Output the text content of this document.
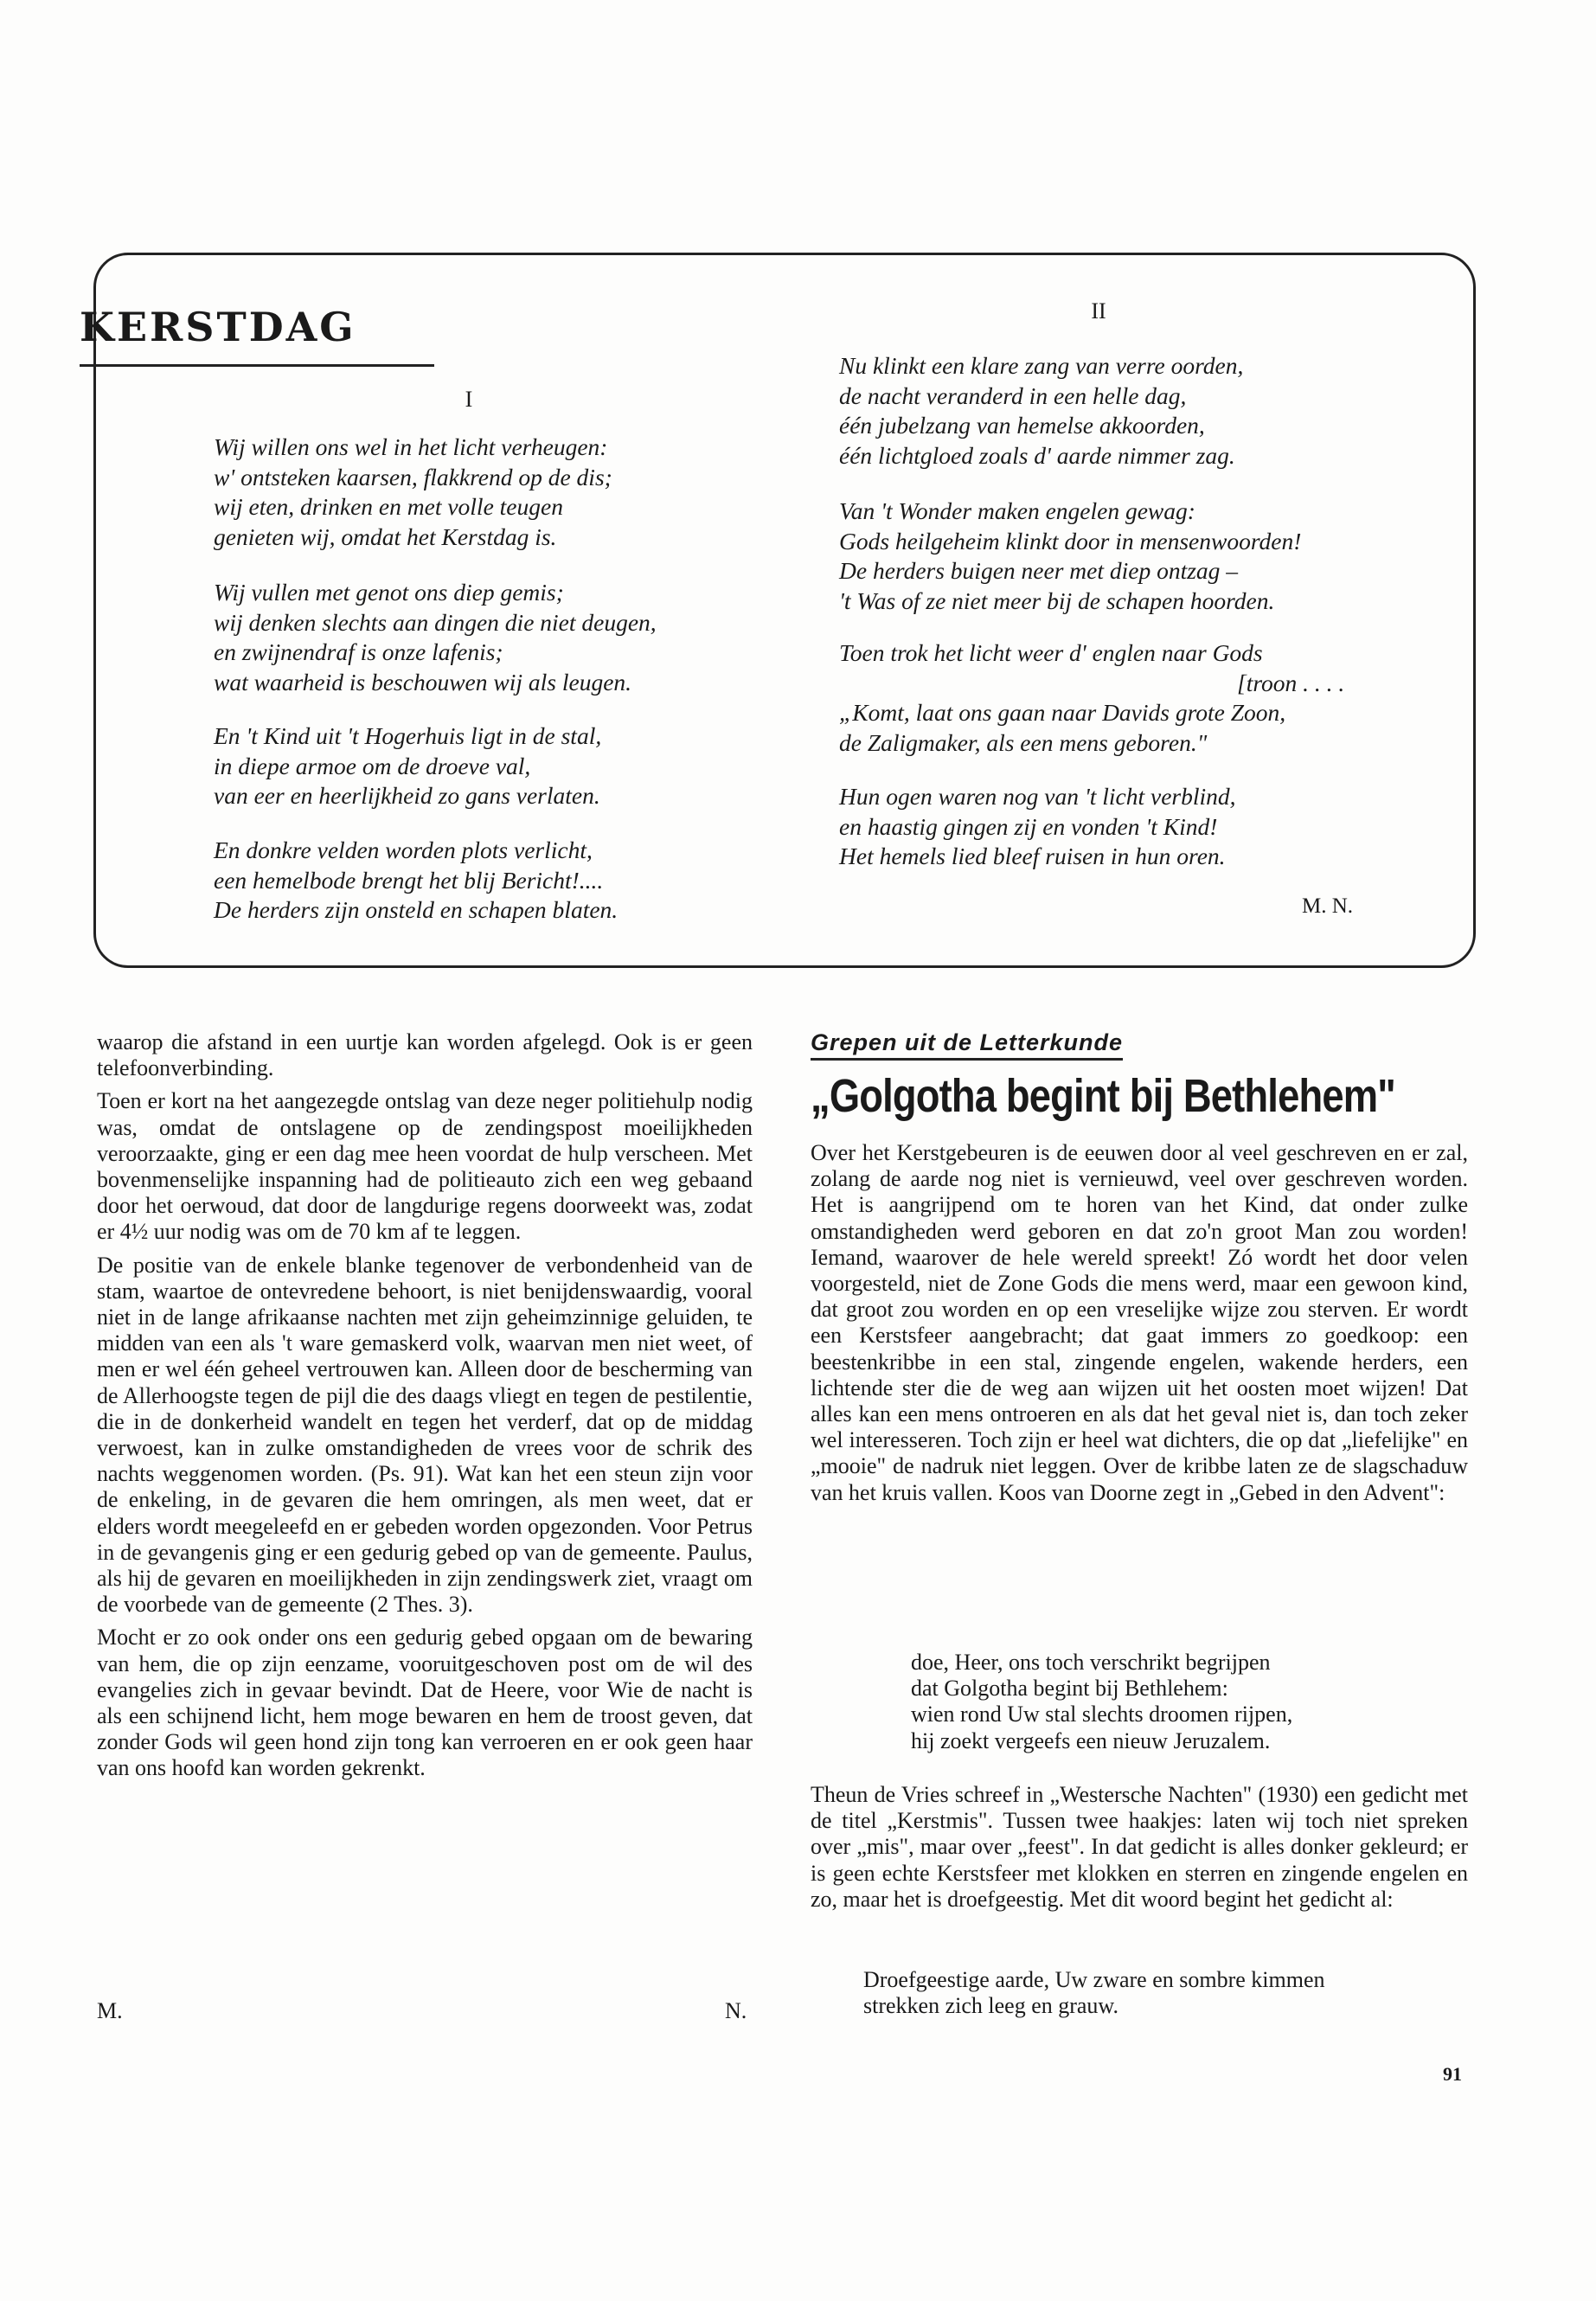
kerstdag
I
Wij willen ons wel in het licht verheugen:
w' ontsteken kaarsen, flakkrend op de dis;
wij eten, drinken en met volle teugen
genieten wij, omdat het Kerstdag is.
Wij vullen met genot ons diep gemis;
wij denken slechts aan dingen die niet deugen,
en zwijnendraf is onze lafenis;
wat waarheid is beschouwen wij als leugen.
En 't Kind uit 't Hogerhuis ligt in de stal,
in diepe armoe om de droeve val,
van eer en heerlijkheid zo gans verlaten.
En donkre velden worden plots verlicht,
een hemelbode brengt het blij Bericht!....
De herders zijn onsteld en schapen blaten.
II
Nu klinkt een klare zang van verre oorden,
de nacht veranderd in een helle dag,
één jubelzang van hemelse akkoorden,
één lichtgloed zoals d' aarde nimmer zag.
Van 't Wonder maken engelen gewag:
Gods heilgeheim klinkt door in mensenwoorden!
De herders buigen neer met diep ontzag –
't Was of ze niet meer bij de schapen hoorden.
Toen trok het licht weer d' englen naar Gods
[troon . . . .
„Komt, laat ons gaan naar Davids grote Zoon,
de Zaligmaker, als een mens geboren."
Hun ogen waren nog van 't licht verblind,
en haastig gingen zij en vonden 't Kind!
Het hemels lied bleef ruisen in hun oren.
M. N.

waarop die afstand in een uurtje kan worden afgelegd. Ook is er geen telefoonverbinding.

Toen er kort na het aangezegde ontslag van deze neger politiehulp nodig was, omdat de ontslagene op de zendingspost moeilijkheden veroorzaakte, ging er een dag mee heen voordat de hulp verscheen. Met bovenmenselijke inspanning had de politieauto zich een weg gebaand door het oerwoud, dat door de langdurige regens doorweekt was, zodat er 4½ uur nodig was om de 70 km af te leggen.

De positie van de enkele blanke tegenover de verbondenheid van de stam, waartoe de ontevredene behoort, is niet benijdenswaardig, vooral niet in de lange afrikaanse nachten met zijn geheimzinnige geluiden, te midden van een als 't ware gemaskerd volk, waarvan men niet weet, of men er wel één geheel vertrouwen kan. Alleen door de bescherming van de Allerhoogste tegen de pijl die des daags vliegt en tegen de pestilentie, die in de donkerheid wandelt en tegen het verderf, dat op de middag verwoest, kan in zulke omstandigheden de vrees voor de schrik des nachts weggenomen worden. (Ps. 91). Wat kan het een steun zijn voor de enkeling, in de gevaren die hem omringen, als men weet, dat er elders wordt meegeleefd en er gebeden worden opgezonden. Voor Petrus in de gevangenis ging er een gedurig gebed op van de gemeente. Paulus, als hij de gevaren en moeilijkheden in zijn zendingswerk ziet, vraagt om de voorbede van de gemeente (2 Thes. 3).

Mocht er zo ook onder ons een gedurig gebed opgaan om de bewaring van hem, die op zijn eenzame, vooruitgeschoven post om de wil des evangelies zich in gevaar bevindt. Dat de Heere, voor Wie de nacht is als een schijnend licht, hem moge bewaren en hem de troost geven, dat zonder Gods wil geen hond zijn tong kan verroeren en er ook geen haar van ons hoofd kan worden gekrenkt.

M.	N.
Grepen uit de Letterkunde
„Golgotha begint bij Bethlehem"
Over het Kerstgebeuren is de eeuwen door al veel geschreven en er zal, zolang de aarde nog niet is vernieuwd, veel over geschreven worden. Het is aangrijpend om te horen van het Kind, dat onder zulke omstandigheden werd geboren en dat zo'n groot Man zou worden! Iemand, waarover de hele wereld spreekt! Zó wordt het door velen voorgesteld, niet de Zone Gods die mens werd, maar een gewoon kind, dat groot zou worden en op een vreselijke wijze zou sterven. Er wordt een Kerstsfeer aangebracht; dat gaat immers zo goedkoop: een beestenkribbe in een stal, zingende engelen, wakende herders, een lichtende ster die de weg aan wijzen uit het oosten moet wijzen! Dat alles kan een mens ontroeren en als dat het geval niet is, dan toch zeker wel interesseren. Toch zijn er heel wat dichters, die op dat „liefelijke" en „mooie" de nadruk niet leggen. Over de kribbe laten ze de slagschaduw van het kruis vallen. Koos van Doorne zegt in „Gebed in den Advent":
doe, Heer, ons toch verschrikt begrijpen
dat Golgotha begint bij Bethlehem:
wien rond Uw stal slechts droomen rijpen,
hij zoekt vergeefs een nieuw Jeruzalem.
Theun de Vries schreef in „Westersche Nachten" (1930) een gedicht met de titel „Kerstmis". Tussen twee haakjes: laten wij toch niet spreken over „mis", maar over „feest". In dat gedicht is alles donker gekleurd; er is geen echte Kerstsfeer met klokken en sterren en zingende engelen en zo, maar het is droefgeestig. Met dit woord begint het gedicht al:
Droefgeestige aarde, Uw zware en sombre kimmen
strekken zich leeg en grauw.
91
